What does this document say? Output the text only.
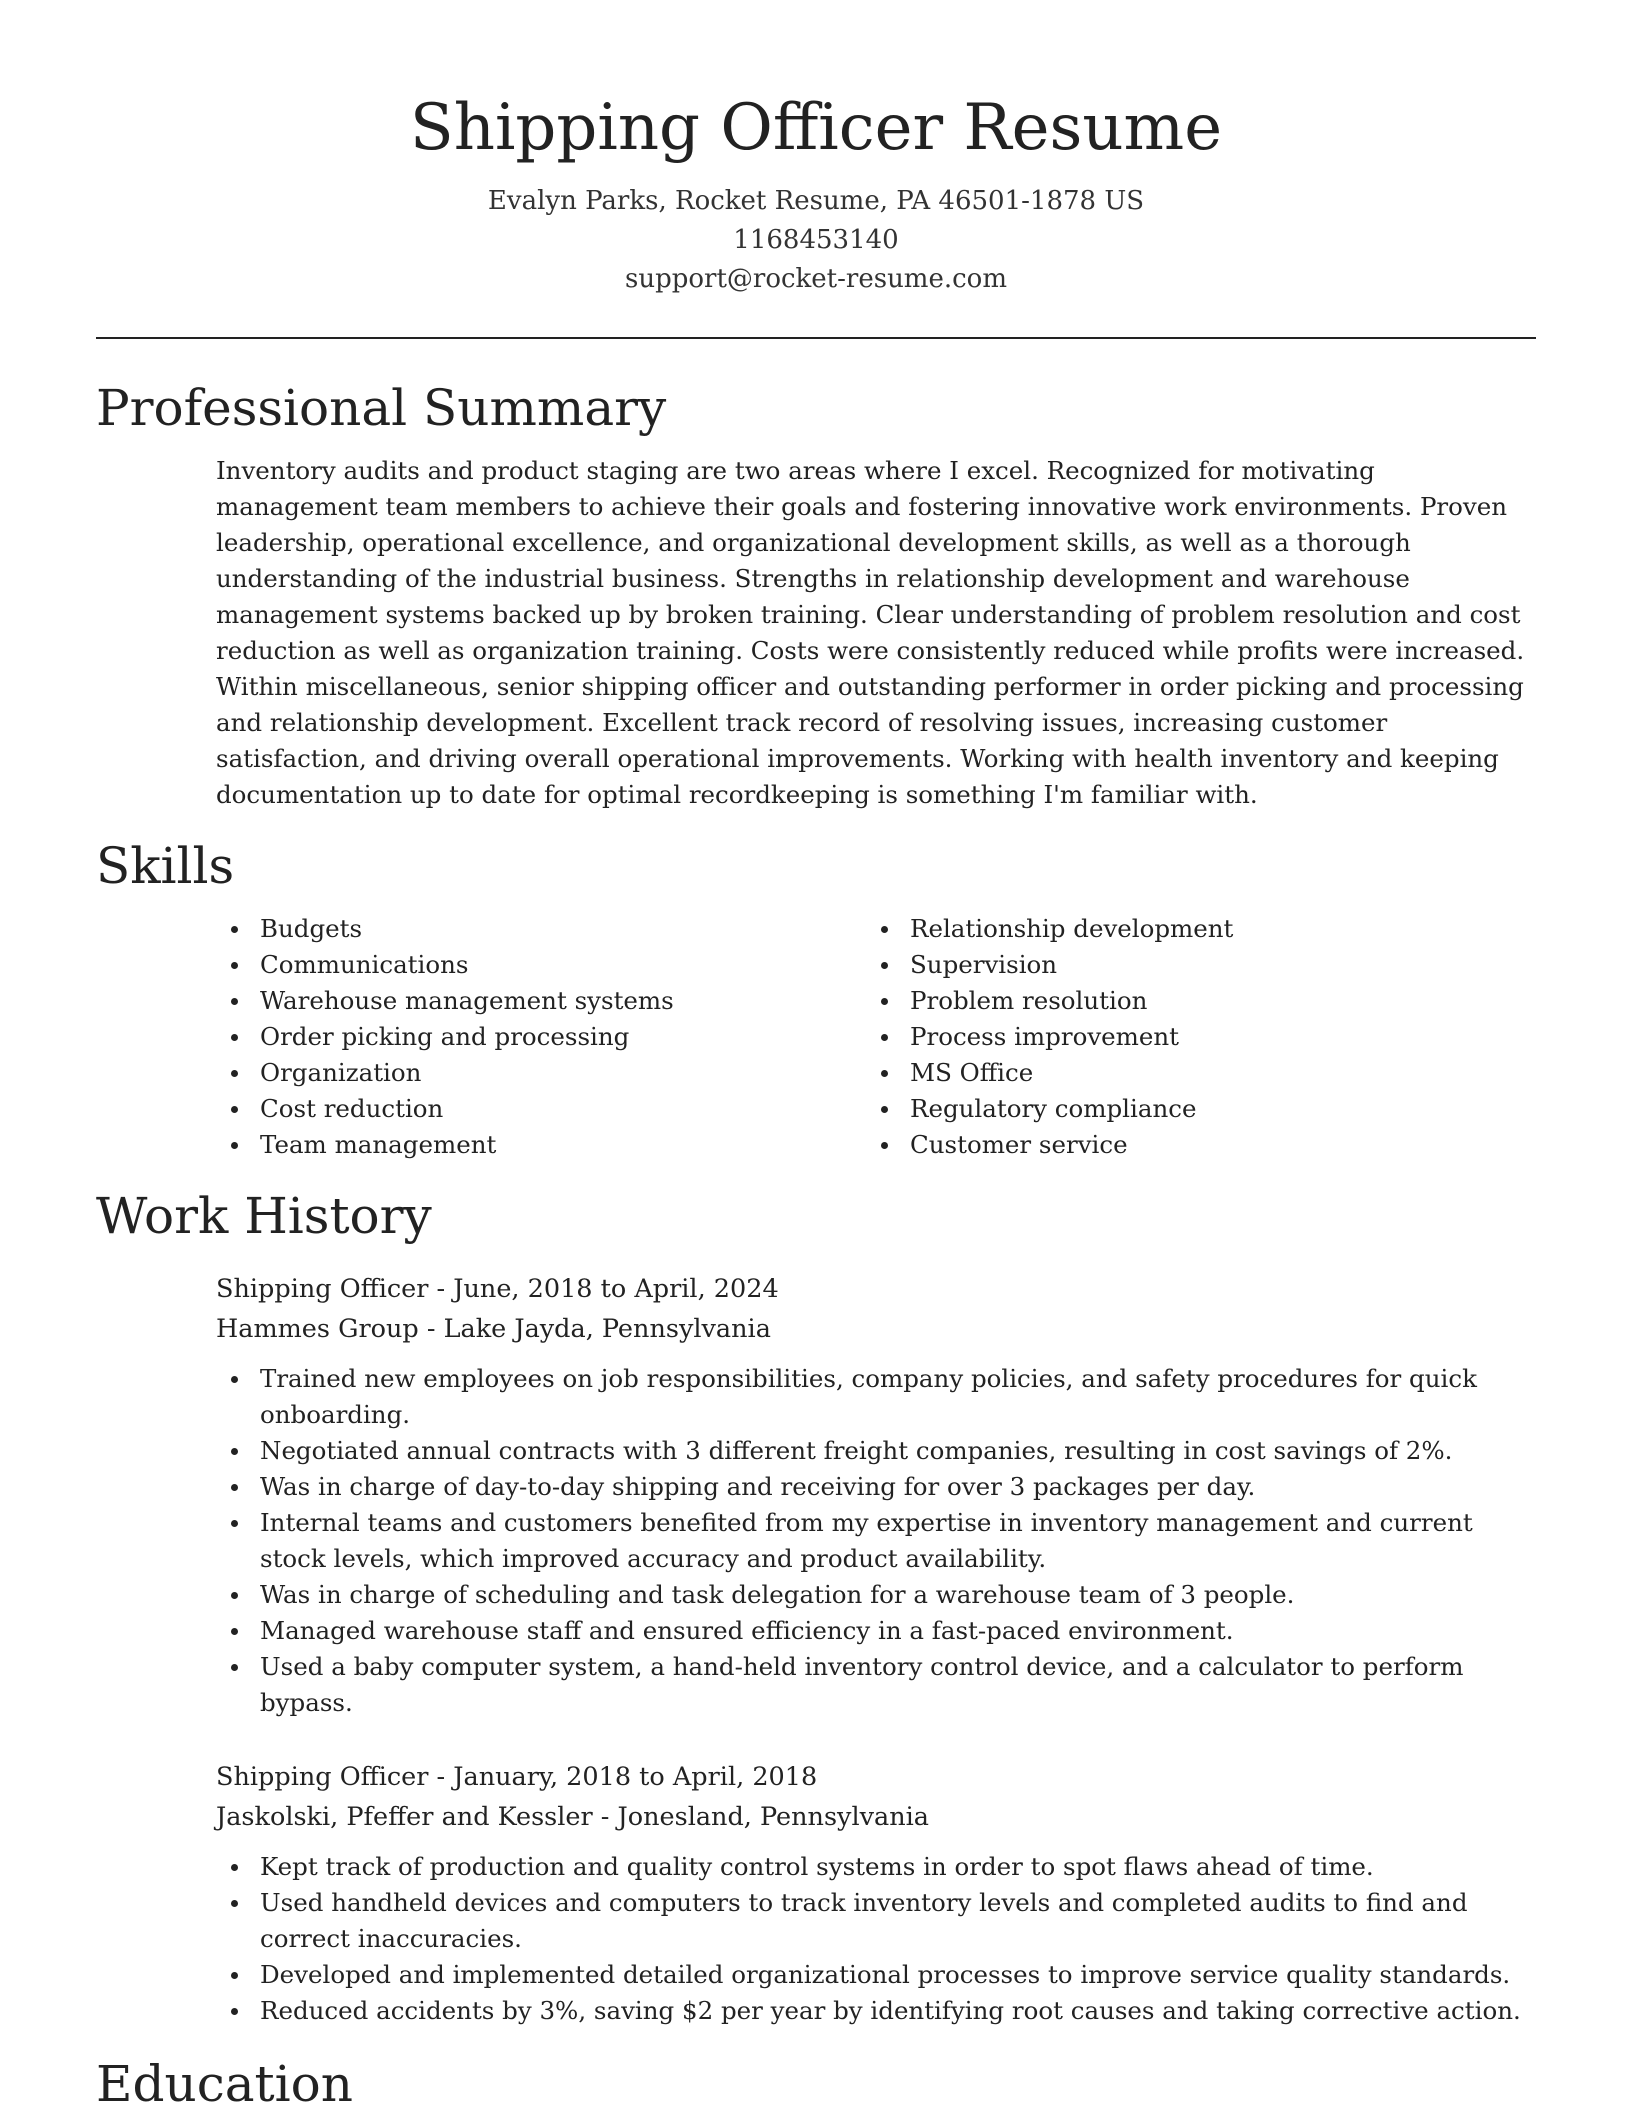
Shipping Officer Resume
Evalyn Parks, Rocket Resume, PA 46501-1878 US
1168453140
support@rocket-resume.com
Professional Summary

Inventory audits and product staging are two areas where I excel. Recognized for motivating management team members to achieve their goals and fostering innovative work environments. Proven leadership, operational excellence, and organizational development skills, as well as a thorough understanding of the industrial business. Strengths in relationship development and warehouse management systems backed up by broken training. Clear understanding of problem resolution and cost reduction as well as organization training. Costs were consistently reduced while profits were increased. Within miscellaneous, senior shipping officer and outstanding performer in order picking and processing and relationship development. Excellent track record of resolving issues, increasing customer satisfaction, and driving overall operational improvements. Working with health inventory and keeping documentation up to date for optimal recordkeeping is something I'm familiar with.

Skills
Budgets
Communications
Warehouse management systems
Order picking and processing
Organization
Cost reduction
Team management
Relationship development
Supervision
Problem resolution
Process improvement
MS Office
Regulatory compliance
Customer service
Work History
Shipping Officer - June, 2018 to April, 2024
Hammes Group - Lake Jayda, Pennsylvania
Trained new employees on job responsibilities, company policies, and safety procedures for quick onboarding.
Negotiated annual contracts with 3 different freight companies, resulting in cost savings of 2%.
Was in charge of day-to-day shipping and receiving for over 3 packages per day.
Internal teams and customers benefited from my expertise in inventory management and current stock levels, which improved accuracy and product availability.
Was in charge of scheduling and task delegation for a warehouse team of 3 people.
Managed warehouse staff and ensured efficiency in a fast-paced environment.
Used a baby computer system, a hand-held inventory control device, and a calculator to perform bypass.
Shipping Officer - January, 2018 to April, 2018
Jaskolski, Pfeffer and Kessler - Jonesland, Pennsylvania
Kept track of production and quality control systems in order to spot flaws ahead of time.
Used handheld devices and computers to track inventory levels and completed audits to find and correct inaccuracies.
Developed and implemented detailed organizational processes to improve service quality standards.
Reduced accidents by 3%, saving $2 per year by identifying root causes and taking corrective action.
Education
